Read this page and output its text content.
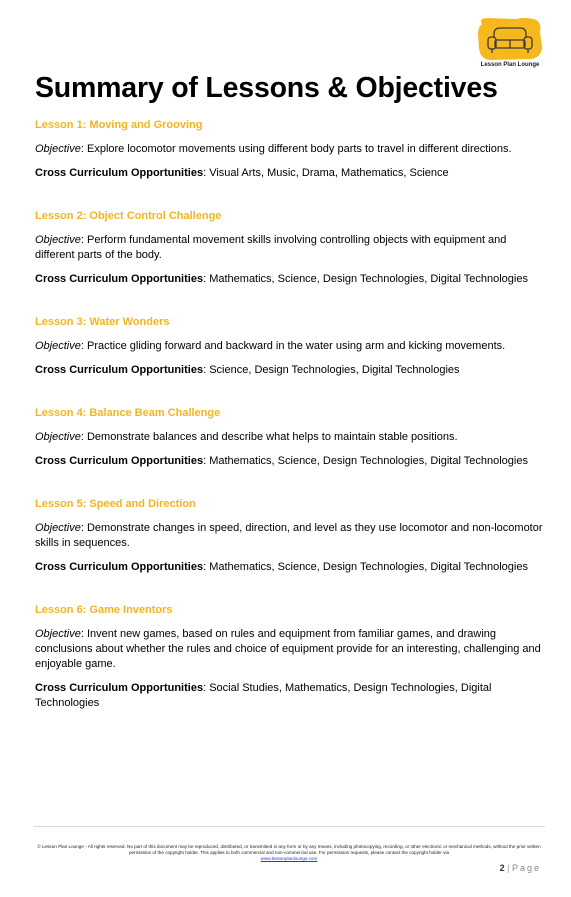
Lesson Plan Lounge
Summary of Lessons & Objectives

Lesson 1: Moving and Grooving

Objective: Explore locomotor movements using different body parts to travel in different directions.

Cross Curriculum Opportunities: Visual Arts, Music, Drama, Mathematics, Science

Lesson 2: Object Control Challenge

Objective: Perform fundamental movement skills involving controlling objects with equipment and different parts of the body.

Cross Curriculum Opportunities: Mathematics, Science, Design Technologies, Digital Technologies

Lesson 3: Water Wonders

Objective: Practice gliding forward and backward in the water using arm and kicking movements.

Cross Curriculum Opportunities: Science, Design Technologies, Digital Technologies

Lesson 4: Balance Beam Challenge

Objective: Demonstrate balances and describe what helps to maintain stable positions.

Cross Curriculum Opportunities: Mathematics, Science, Design Technologies, Digital Technologies

Lesson 5: Speed and Direction

Objective: Demonstrate changes in speed, direction, and level as they use locomotor and non-locomotor skills in sequences.

Cross Curriculum Opportunities: Mathematics, Science, Design Technologies, Digital Technologies

Lesson 6: Game Inventors

Objective: Invent new games, based on rules and equipment from familiar games, and drawing conclusions about whether the rules and choice of equipment provide for an interesting, challenging and enjoyable game.

Cross Curriculum Opportunities: Social Studies, Mathematics, Design Technologies, Digital Technologies

© Lesson Plan Lounge - All rights reserved. No part of this document may be reproduced, distributed, or transmitted in any form or by any means, including photocopying, recording, or other electronic or mechanical methods, without the prior written permission of the copyright holder. This applies to both commercial and non-commercial use. For permission requests, please contact the copyright holder via
www.lessonplanlounge.com
2 | Page
